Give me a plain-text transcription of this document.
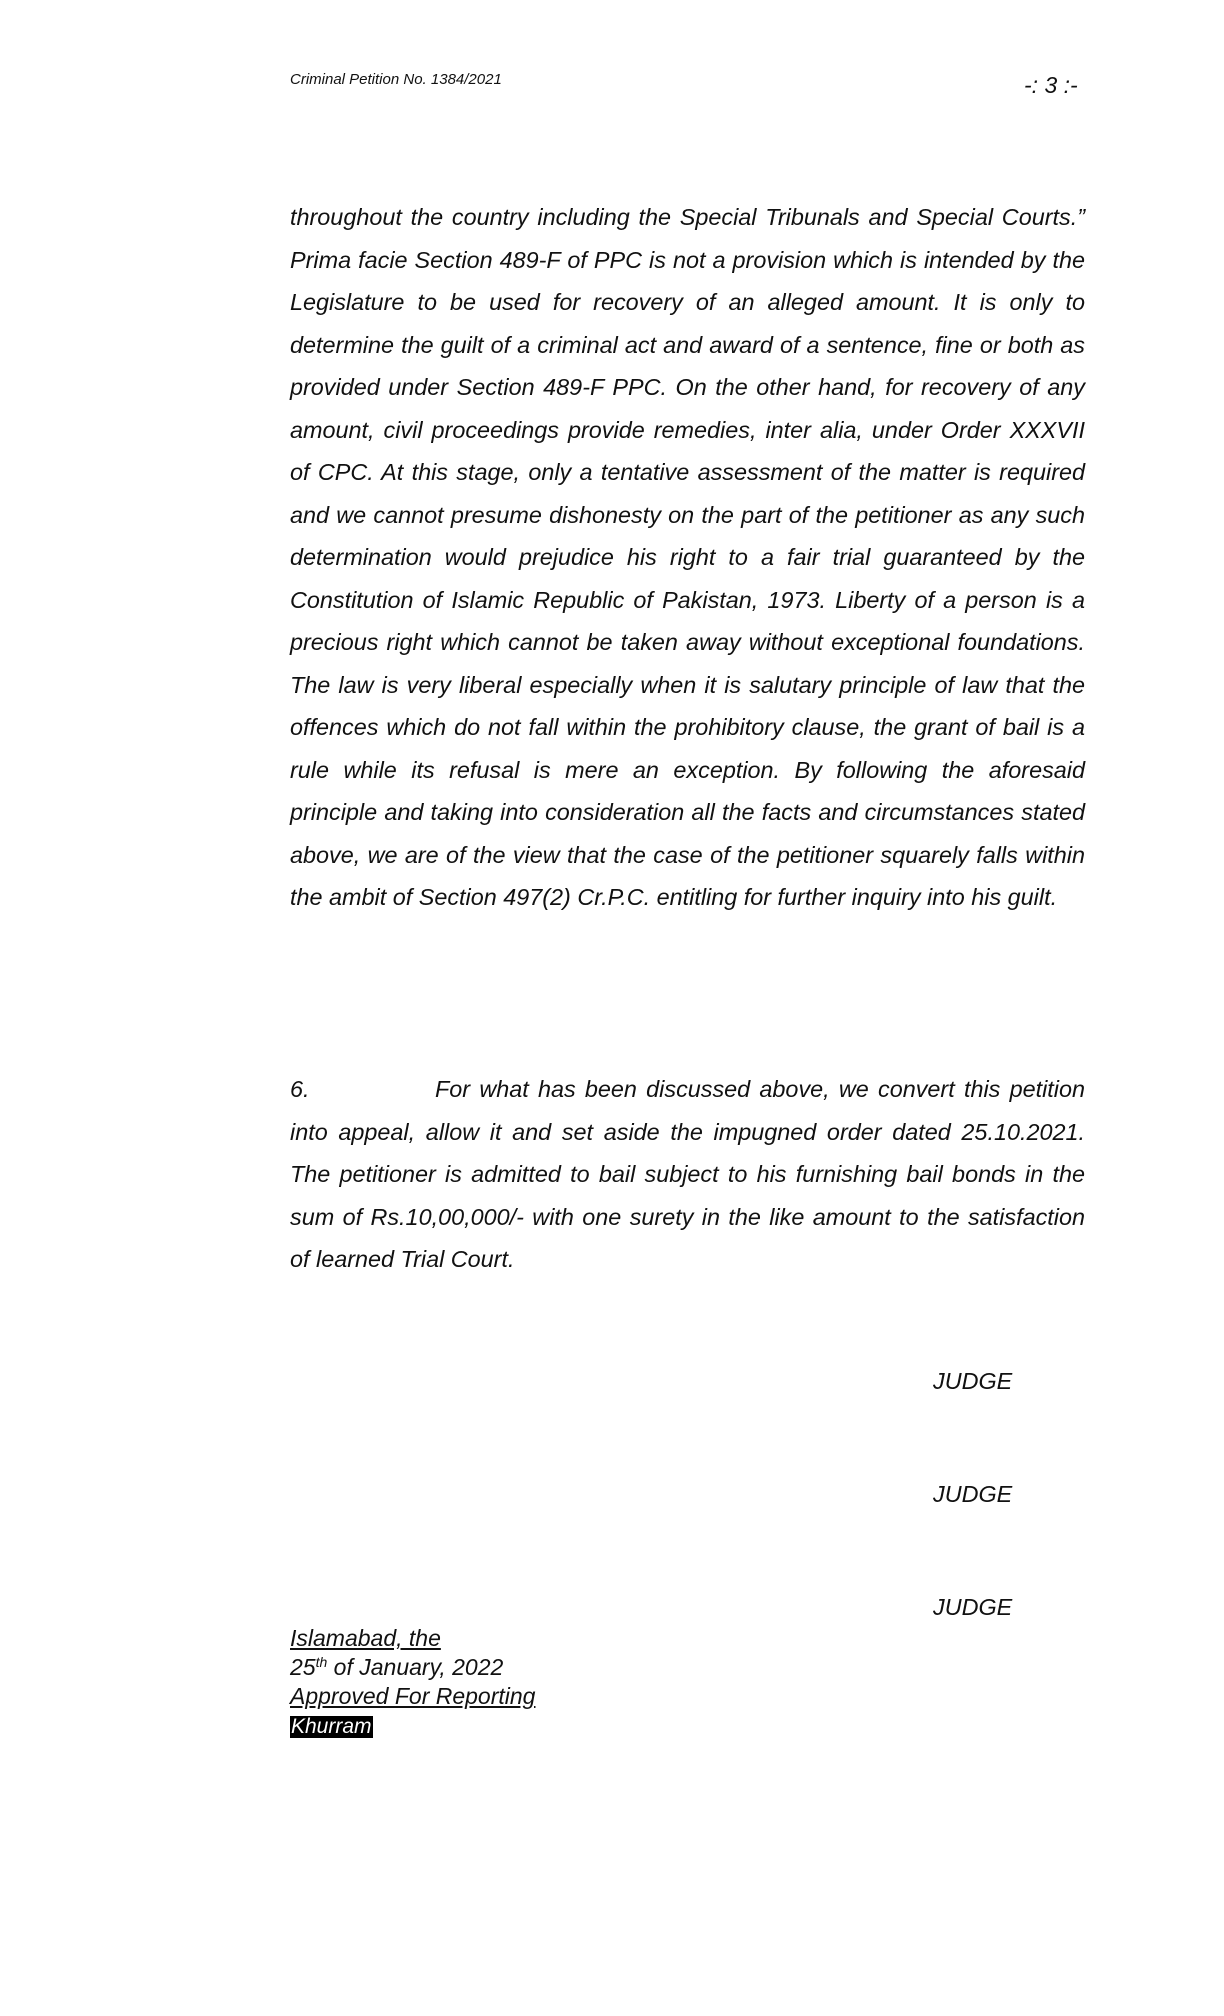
Criminal Petition No. 1384/2021	-: 3 :-
throughout the country including the Special Tribunals and Special Courts.” Prima facie Section 489-F of PPC is not a provision which is intended by the Legislature to be used for recovery of an alleged amount. It is only to determine the guilt of a criminal act and award of a sentence, fine or both as provided under Section 489-F PPC. On the other hand, for recovery of any amount, civil proceedings provide remedies, inter alia, under Order XXXVII of CPC. At this stage, only a tentative assessment of the matter is required and we cannot presume dishonesty on the part of the petitioner as any such determination would prejudice his right to a fair trial guaranteed by the Constitution of Islamic Republic of Pakistan, 1973. Liberty of a person is a precious right which cannot be taken away without exceptional foundations. The law is very liberal especially when it is salutary principle of law that the offences which do not fall within the prohibitory clause, the grant of bail is a rule while its refusal is mere an exception. By following the aforesaid principle and taking into consideration all the facts and circumstances stated above, we are of the view that the case of the petitioner squarely falls within the ambit of Section 497(2) Cr.P.C. entitling for further inquiry into his guilt.
6.	For what has been discussed above, we convert this petition into appeal, allow it and set aside the impugned order dated 25.10.2021. The petitioner is admitted to bail subject to his furnishing bail bonds in the sum of Rs.10,00,000/- with one surety in the like amount to the satisfaction of learned Trial Court.
JUDGE
JUDGE
JUDGE
Islamabad, the
25th of January, 2022
Approved For Reporting
Khurram
